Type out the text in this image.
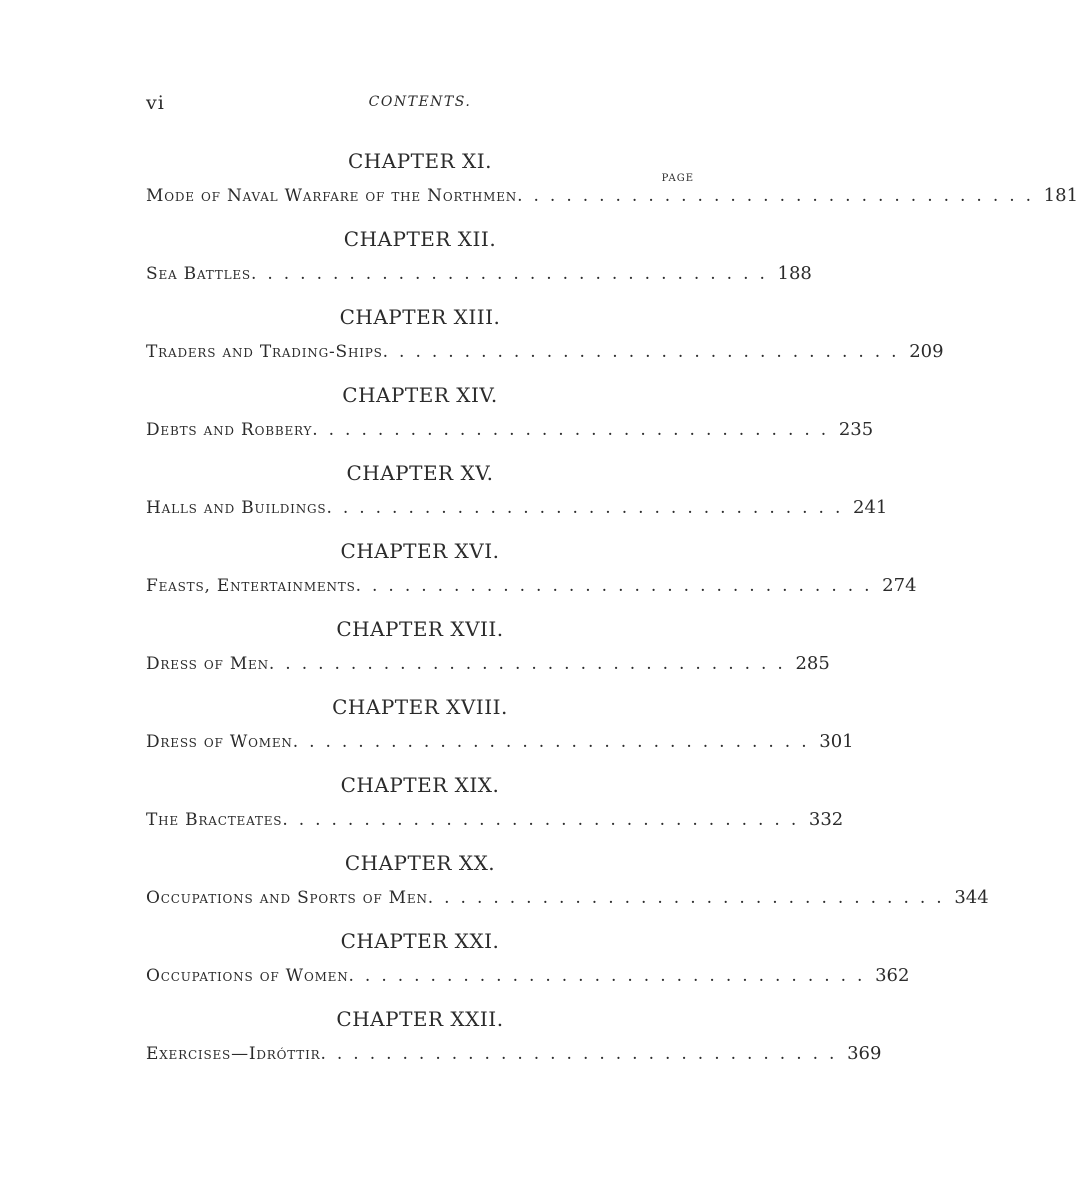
vi	CONTENTS.
CHAPTER XI.
PAGE
Mode of Naval Warfare of the Northmen ................................ 181
CHAPTER XII.
Sea Battles ................................ 188
CHAPTER XIII.
Traders and Trading-Ships ................................ 209
CHAPTER XIV.
Debts and Robbery ................................ 235
CHAPTER XV.
Halls and Buildings ................................ 241
CHAPTER XVI.
Feasts, Entertainments ................................ 274
CHAPTER XVII.
Dress of Men ................................ 285
CHAPTER XVIII.
Dress of Women ................................ 301
CHAPTER XIX.
The Bracteates ................................ 332
CHAPTER XX.
Occupations and Sports of Men ................................ 344
CHAPTER XXI.
Occupations of Women ................................ 362
CHAPTER XXII.
Exercises—Idróttir ................................ 369
